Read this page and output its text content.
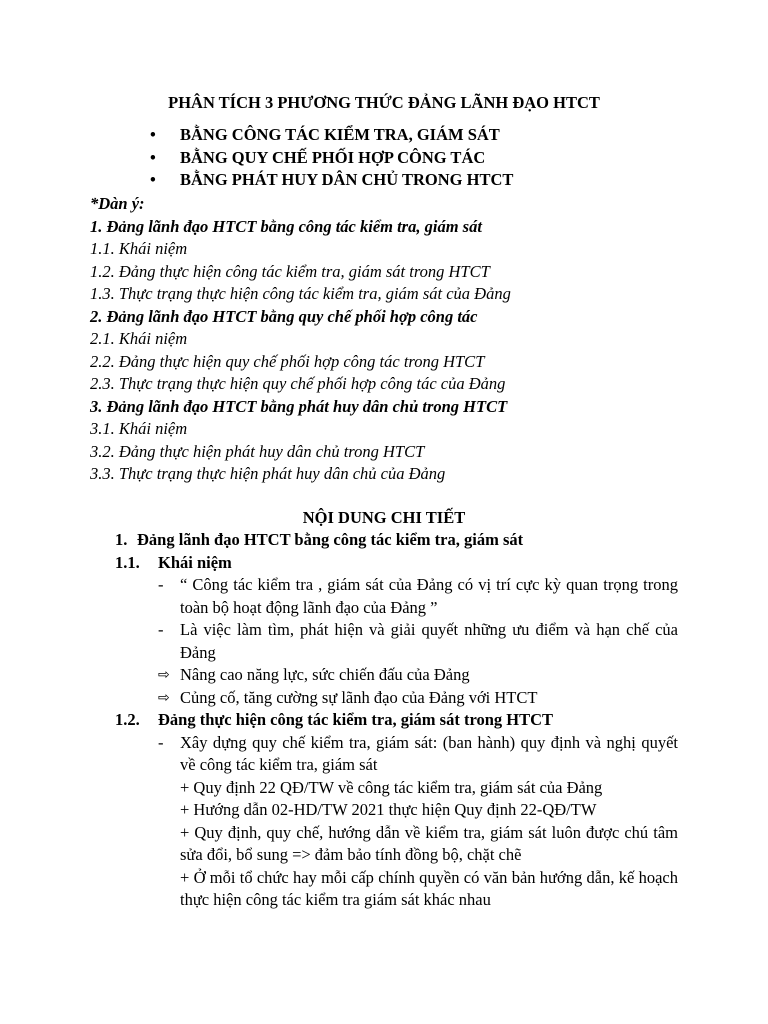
PHÂN TÍCH 3 PHƯƠNG THỨC ĐẢNG LÃNH ĐẠO HTCT
• BẰNG CÔNG TÁC KIỂM TRA, GIÁM SÁT
• BẰNG QUY CHẾ PHỐI HỢP CÔNG TÁC
• BẰNG PHÁT HUY DÂN CHỦ TRONG HTCT
*Dàn ý:
1. Đảng lãnh đạo HTCT bằng công tác kiểm tra, giám sát
1.1. Khái niệm
1.2. Đảng thực hiện công tác kiểm tra, giám sát trong HTCT
1.3. Thực trạng thực hiện công tác kiểm tra, giám sát của Đảng
2. Đảng lãnh đạo HTCT bằng quy chế phối hợp công tác
2.1. Khái niệm
2.2. Đảng thực hiện quy chế phối hợp công tác trong HTCT
2.3. Thực trạng thực hiện quy chế phối hợp công tác của Đảng
3. Đảng lãnh đạo HTCT bằng phát huy dân chủ trong HTCT
3.1. Khái niệm
3.2. Đảng thực hiện phát huy dân chủ trong HTCT
3.3. Thực trạng thực hiện phát huy dân chủ của Đảng
NỘI DUNG CHI TIẾT
1. Đảng lãnh đạo HTCT bằng công tác kiểm tra, giám sát
1.1. Khái niệm
- “ Công tác kiểm tra , giám sát của Đảng có vị trí cực kỳ quan trọng trong toàn bộ hoạt động lãnh đạo của Đảng ”
- Là việc làm tìm, phát hiện và giải quyết những ưu điểm và hạn chế của Đảng
⇨ Nâng cao năng lực, sức chiến đấu của Đảng
⇨ Củng cố, tăng cường sự lãnh đạo của Đảng với HTCT
1.2. Đảng thực hiện công tác kiểm tra, giám sát trong HTCT
- Xây dựng quy chế kiểm tra, giám sát: (ban hành) quy định và nghị quyết về công tác kiểm tra, giám sát
+ Quy định 22 QĐ/TW về công tác kiểm tra, giám sát của Đảng
+ Hướng dẫn 02-HD/TW 2021 thực hiện Quy định 22-QĐ/TW
+ Quy định, quy chế, hướng dẫn về kiểm tra, giám sát luôn được chú tâm sửa đổi, bổ sung => đảm bảo tính đồng bộ, chặt chẽ
+ Ở mỗi tổ chức hay mỗi cấp chính quyền có văn bản hướng dẫn, kế hoạch thực hiện công tác kiểm tra giám sát khác nhau
